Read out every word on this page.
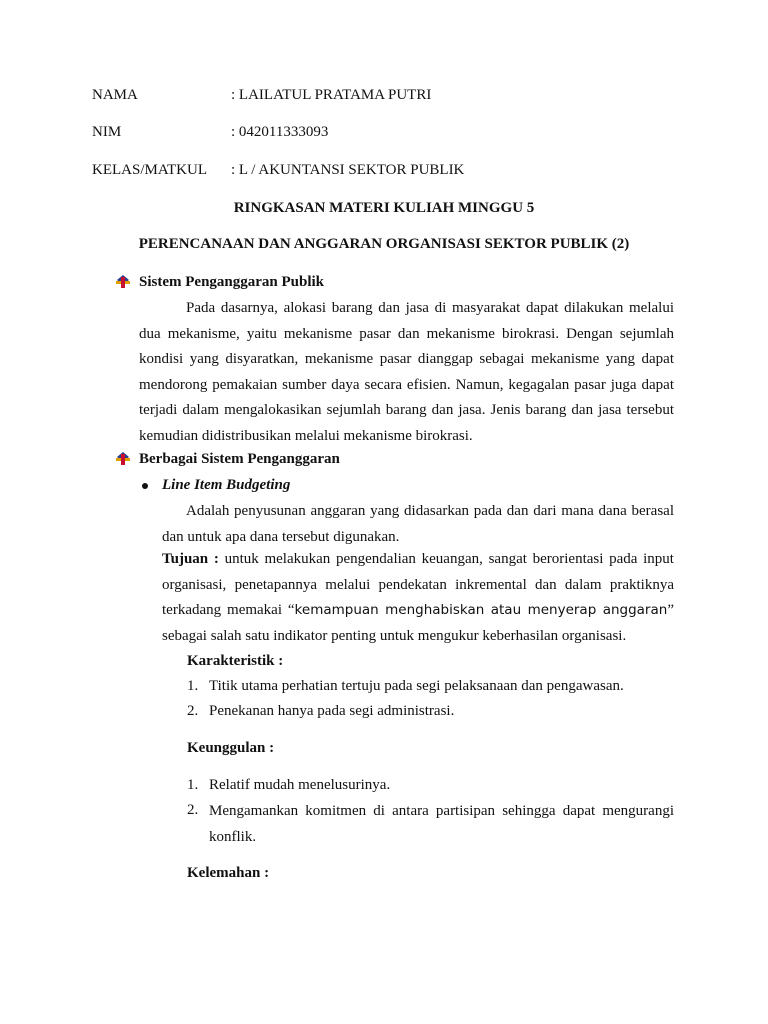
NAMA	: LAILATUL PRATAMA PUTRI
NIM	: 042011333093
KELAS/MATKUL : L / AKUNTANSI SEKTOR PUBLIK
RINGKASAN MATERI KULIAH MINGGU 5
PERENCANAAN DAN ANGGARAN ORGANISASI SEKTOR PUBLIK (2)
Sistem Penganggaran Publik
Pada dasarnya, alokasi barang dan jasa di masyarakat dapat dilakukan melalui dua mekanisme, yaitu mekanisme pasar dan mekanisme birokrasi. Dengan sejumlah kondisi yang disyaratkan, mekanisme pasar dianggap sebagai mekanisme yang dapat mendorong pemakaian sumber daya secara efisien. Namun, kegagalan pasar juga dapat terjadi dalam mengalokasikan sejumlah barang dan jasa. Jenis barang dan jasa tersebut kemudian didistribusikan melalui mekanisme birokrasi.
Berbagai Sistem Penganggaran
Line Item Budgeting
Adalah penyusunan anggaran yang didasarkan pada dan dari mana dana berasal dan untuk apa dana tersebut digunakan.
Tujuan : untuk melakukan pengendalian keuangan, sangat berorientasi pada input organisasi, penetapannya melalui pendekatan inkremental dan dalam praktiknya terkadang memakai “kemampuan menghabiskan atau menyerap anggaran” sebagai salah satu indikator penting untuk mengukur keberhasilan organisasi.
Karakteristik :
1. Titik utama perhatian tertuju pada segi pelaksanaan dan pengawasan.
2. Penekanan hanya pada segi administrasi.
Keunggulan :
1. Relatif mudah menelusurinya.
2. Mengamankan komitmen di antara partisipan sehingga dapat mengurangi konflik.
Kelemahan :
